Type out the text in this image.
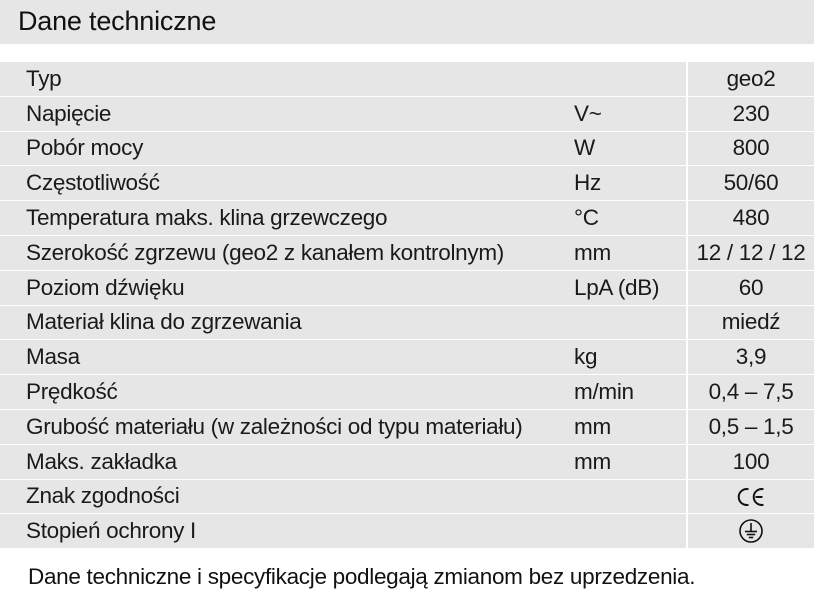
Dane techniczne
Typ		geo2
Napięcie	V~	230
Pobór mocy	W	800
Częstotliwość	Hz	50/60
Temperatura maks. klina grzewczego	°C	480
Szerokość zgrzewu (geo2 z kanałem kontrolnym)	mm	12 / 12 / 12
Poziom dźwięku	LpA (dB)	60
Materiał klina do zgrzewania		miedź
Masa	kg	3,9
Prędkość	m/min	0,4 – 7,5
Grubość materiału (w zależności od typu materiału)	mm	0,5 – 1,5
Maks. zakładka	mm	100
Znak zgodności		
Stopień ochrony I		
Dane techniczne i specyfikacje podlegają zmianom bez uprzedzenia.
